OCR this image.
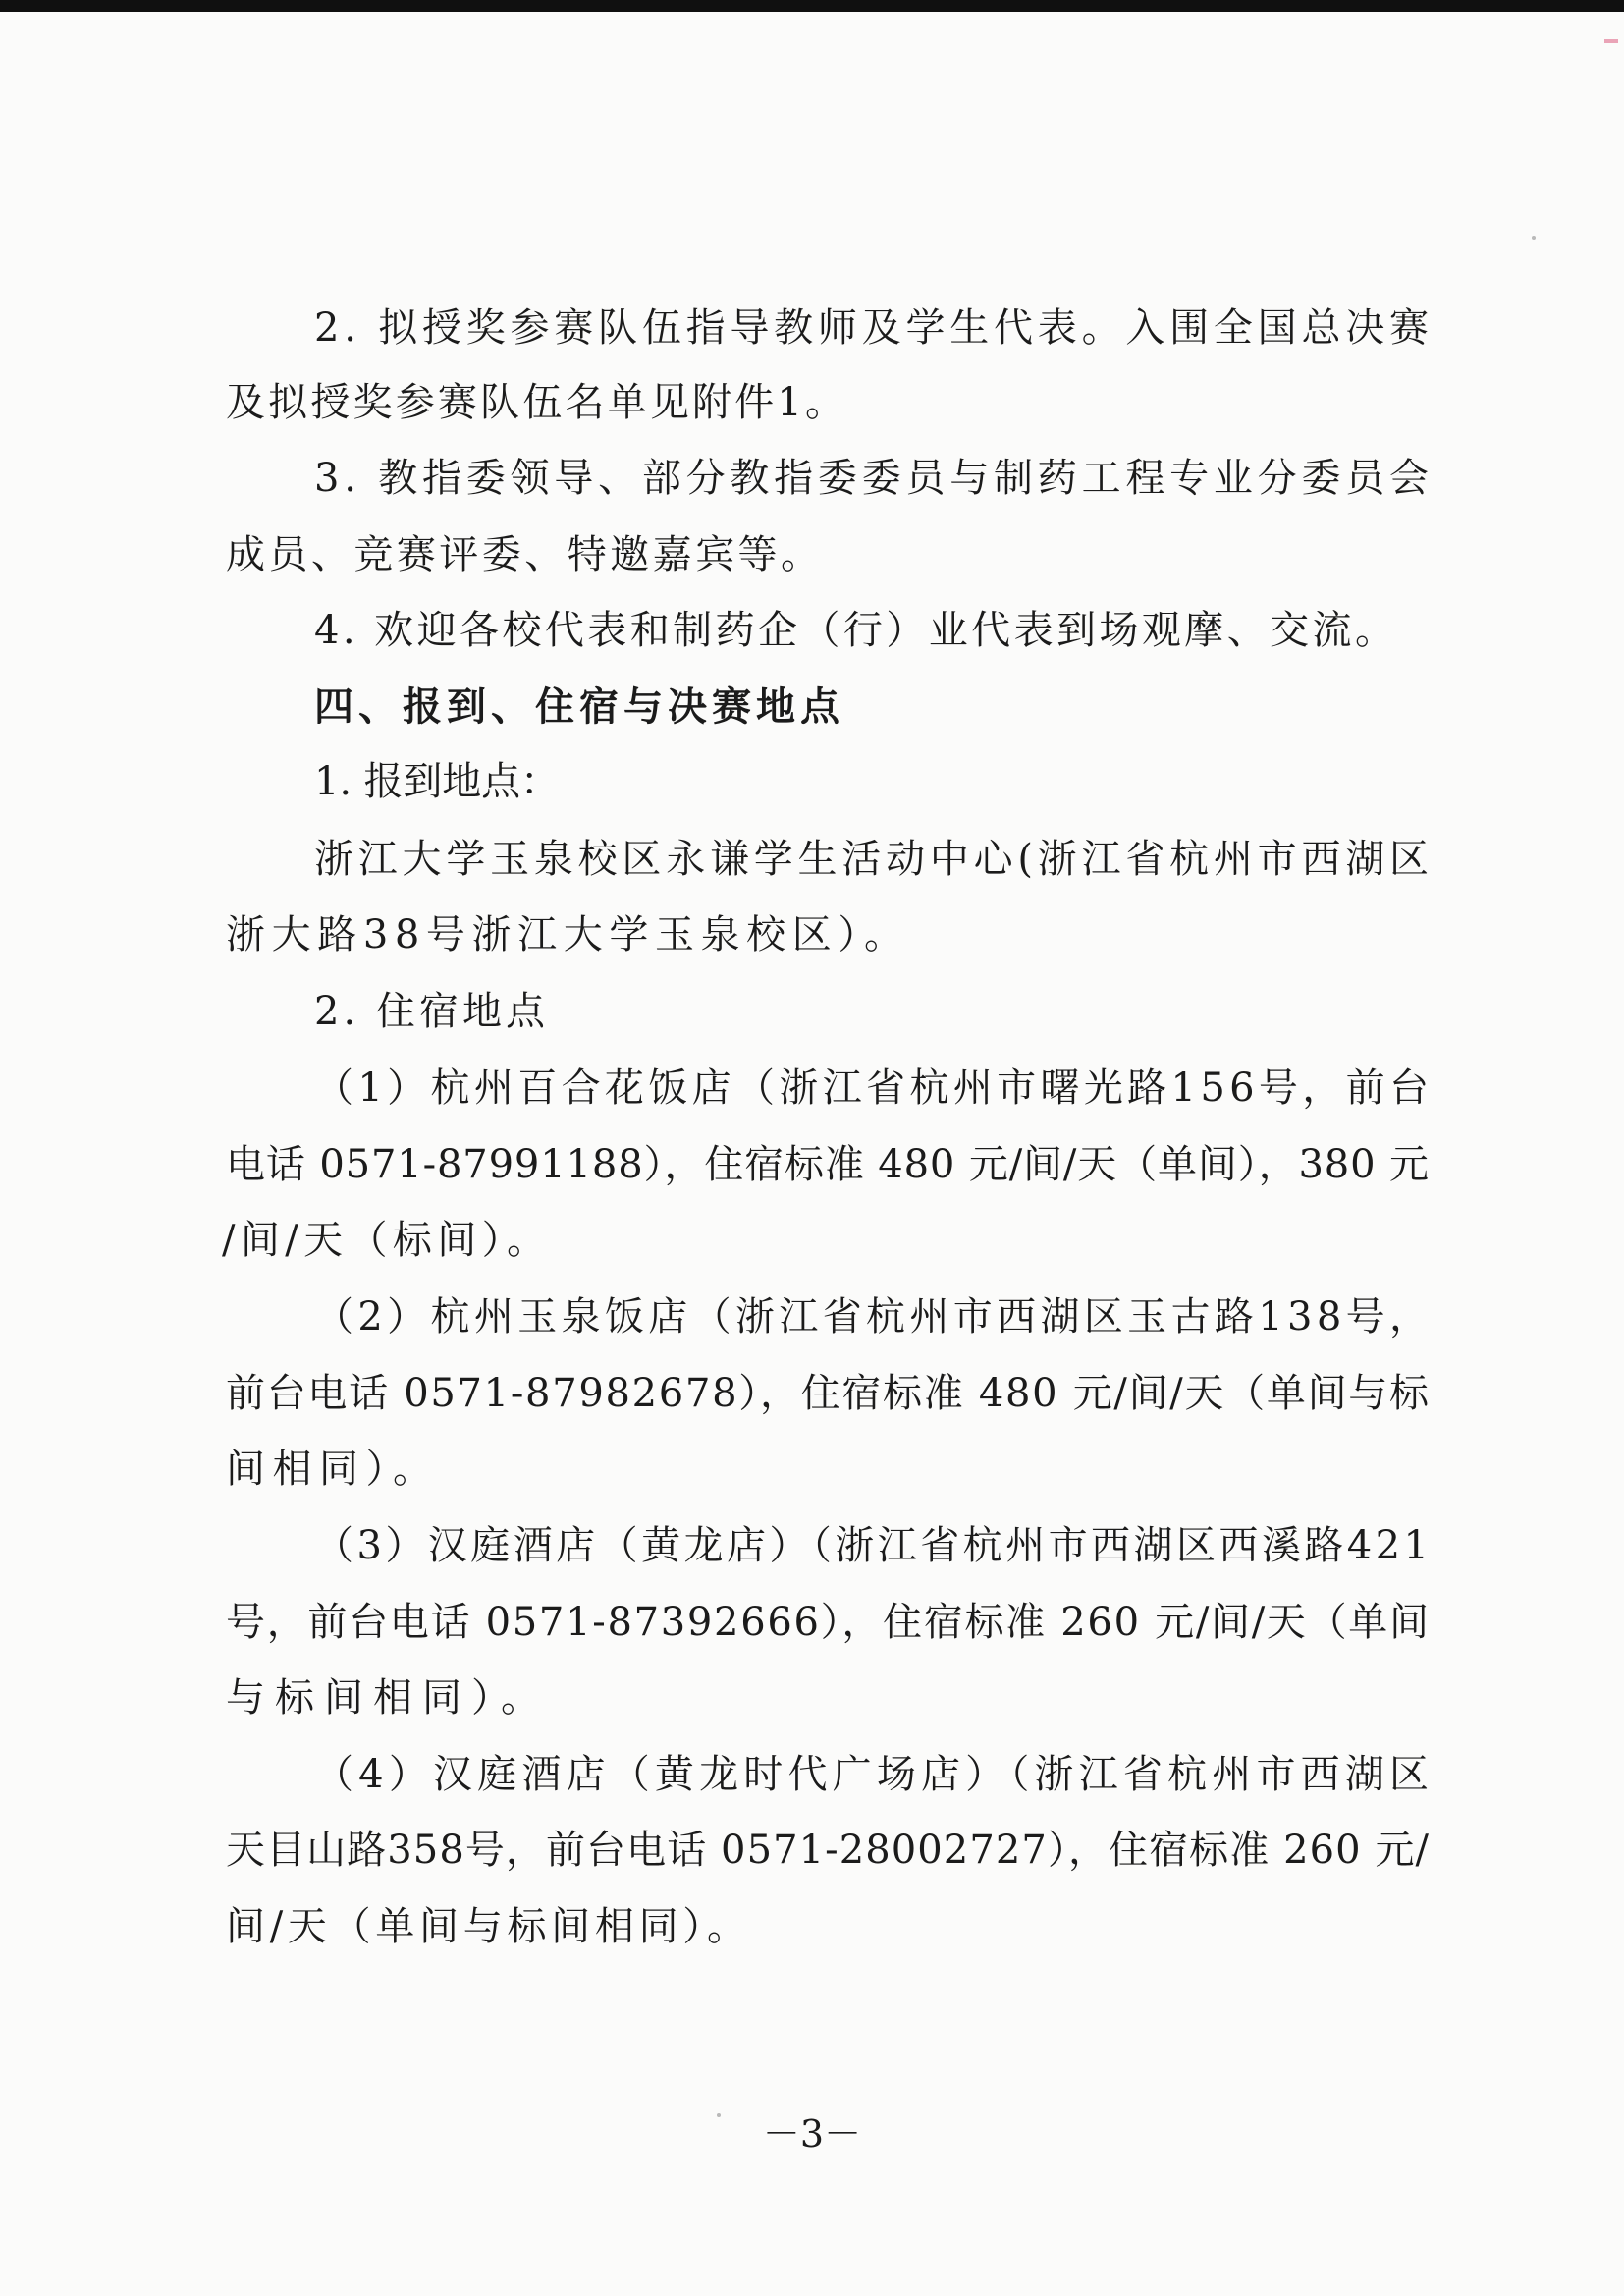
2. 拟授奖参赛队伍指导教师及学生代表。入围全国总决赛
及拟授奖参赛队伍名单见附件1。
3. 教指委领导、部分教指委委员与制药工程专业分委员会
成员、竞赛评委、特邀嘉宾等。
4. 欢迎各校代表和制药企（行）业代表到场观摩、交流。
四、报到、住宿与决赛地点
1. 报到地点：
浙江大学玉泉校区永谦学生活动中心(浙江省杭州市西湖区
浙大路38号浙江大学玉泉校区）。
2. 住宿地点
（1）杭州百合花饭店（浙江省杭州市曙光路156号，前台
电话 0571-87991188），住宿标准 480 元/间/天（单间），380 元
/间/天（标间）。
（2）杭州玉泉饭店（浙江省杭州市西湖区玉古路138号，
前台电话 0571-87982678），住宿标准 480 元/间/天（单间与标
间相同）。
（3）汉庭酒店（黄龙店）（浙江省杭州市西湖区西溪路421
号，前台电话 0571-87392666），住宿标准 260 元/间/天（单间
与标间相同）。
（4）汉庭酒店（黄龙时代广场店）（浙江省杭州市西湖区
天目山路358号，前台电话 0571-28002727），住宿标准 260 元/
间/天（单间与标间相同）。
－3－
